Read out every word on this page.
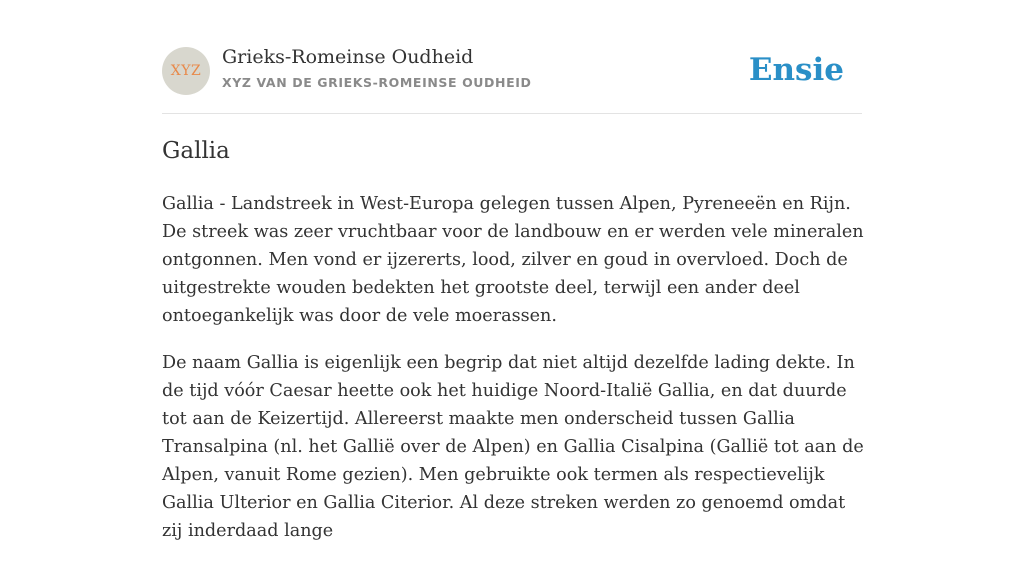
XYZ
Grieks-Romeinse Oudheid
XYZ VAN DE GRIEKS-ROMEINSE OUDHEID	Ensie
Gallia

Gallia - Landstreek in West-Europa gelegen tussen Alpen, Pyreneeën en Rijn. De streek was zeer vruchtbaar voor de landbouw en er werden vele mineralen ontgonnen. Men vond er ijzererts, lood, zilver en goud in overvloed. Doch de uitgestrekte wouden bedekten het grootste deel, terwijl een ander deel ontoegankelijk was door de vele moerassen.

De naam Gallia is eigenlijk een begrip dat niet altijd dezelfde lading dekte. In de tijd vóór Caesar heette ook het huidige Noord-Italië Gallia, en dat duurde tot aan de Keizertijd. Allereerst maakte men onderscheid tussen Gallia Transalpina (nl. het Gallië over de Alpen) en Gallia Cisalpina (Gallië tot aan de Alpen, vanuit Rome gezien). Men gebruikte ook termen als respectievelijk Gallia Ulterior en Gallia Citerior. Al deze streken werden zo genoemd omdat zij inderdaad lange
